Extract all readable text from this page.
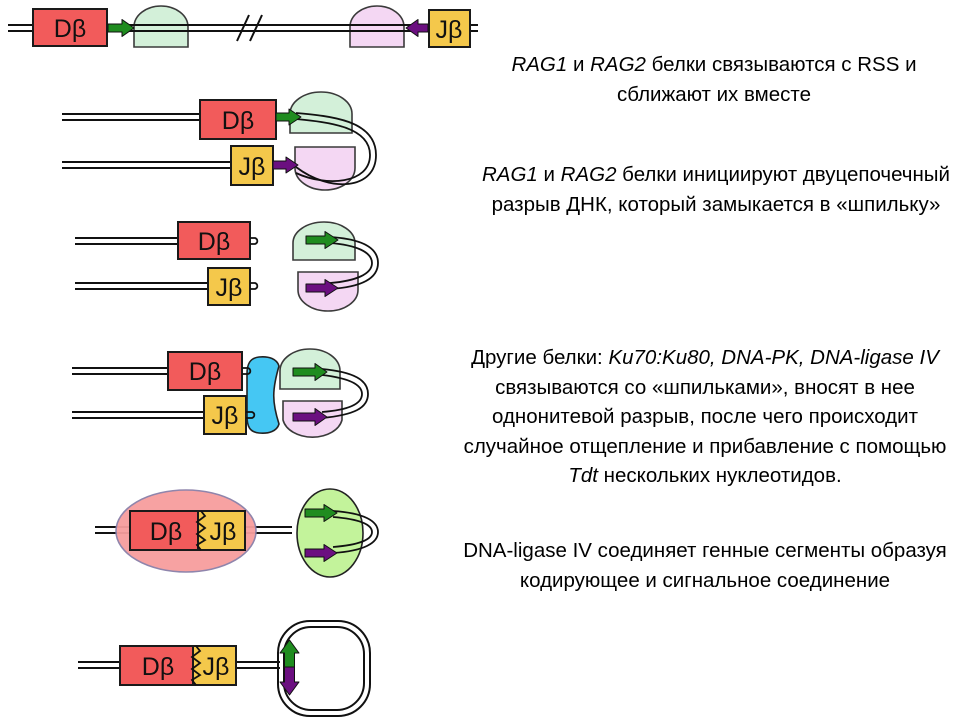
Dβ	Jβ
Dβ
Jβ
Dβ
Jβ
Dβ
Jβ
Dβ Jβ
Dβ Jβ
RAG1 и RAG2 белки связываются с RSS и сближают их вместе
RAG1 и RAG2 белки инициируют двуцепочечный разрыв ДНК, который замыкается в «шпильку»
Другие белки: Ku70:Ku80, DNA-PK, DNA-ligase IV связываются со «шпильками», вносят в нее однонитевой разрыв, после чего происходит случайное отщепление и прибавление с помощью Tdt нескольких нуклеотидов.
DNA-ligase IV соединяет генные сегменты образуя кодирующее и сигнальное соединение
